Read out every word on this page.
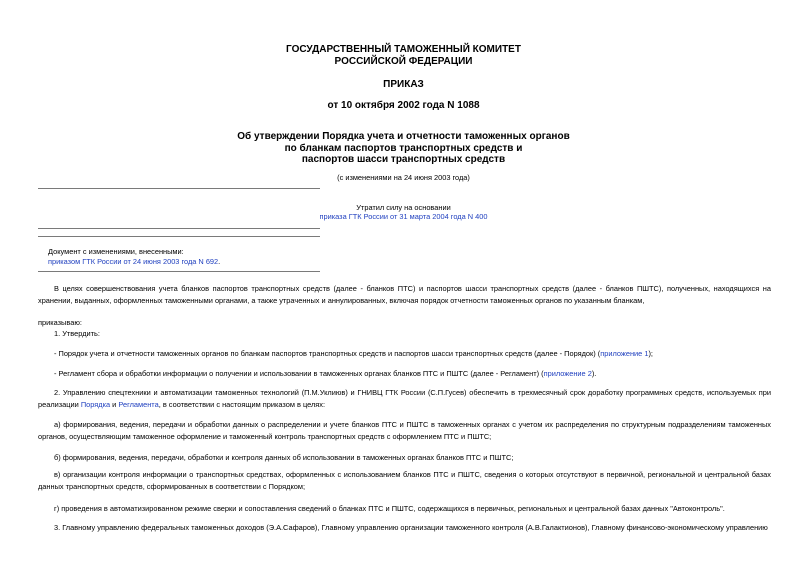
ГОСУДАРСТВЕННЫЙ ТАМОЖЕННЫЙ КОМИТЕТ
РОССИЙСКОЙ ФЕДЕРАЦИИ
ПРИКАЗ
от 10 октября 2002 года N 1088
Об утверждении Порядка учета и отчетности таможенных органов
по бланкам паспортов транспортных средств и
паспортов шасси транспортных средств
(с изменениями на 24 июня 2003 года)
Утратил силу на основании
приказа ГТК России от 31 марта 2004 года N 400
Документ с изменениями, внесенными:
приказом ГТК России от 24 июня 2003 года N 692.
В целях совершенствования учета бланков паспортов транспортных средств (далее - бланков ПТС) и паспортов шасси транспортных средств (далее - бланков ПШТС), полученных, находящихся на хранении, выданных, оформленных таможенными органами, а также утраченных и аннулированных, включая порядок отчетности таможенных органов по указанным бланкам,
приказываю:
1. Утвердить:
- Порядок учета и отчетности таможенных органов по бланкам паспортов транспортных средств и паспортов шасси транспортных средств (далее - Порядок) (приложение 1);
- Регламент сбора и обработки информации о получении и использовании в таможенных органах бланков ПТС и ПШТС (далее - Регламент) (приложение 2).
2. Управлению спецтехники и автоматизации таможенных технологий (П.М.Уклиюв) и ГНИВЦ ГТК России (С.П.Гусев) обеспечить в трехмесячный срок доработку программных средств, используемых при реализации Порядка и Регламента, в соответствии с настоящим приказом в целях:
а) формирования, ведения, передачи и обработки данных о распределении и учете бланков ПТС и ПШТС в таможенных органах с учетом их распределения по структурным подразделениям таможенных органов, осуществляющим таможенное оформление и таможенный контроль транспортных средств с оформлением ПТС и ПШТС;
б) формирования, ведения, передачи, обработки и контроля данных об использовании в таможенных органах бланков ПТС и ПШТС;
в) организации контроля информации о транспортных средствах, оформленных с использованием бланков ПТС и ПШТС, сведения о которых отсутствуют в первичной, региональной и центральной базах данных транспортных средств, сформированных в соответствии с Порядком;
г) проведения в автоматизированном режиме сверки и сопоставления сведений о бланках ПТС и ПШТС, содержащихся в первичных, региональных и центральной базах данных "Автоконтроль".
3. Главному управлению федеральных таможенных доходов (Э.А.Сафаров), Главному управлению организации таможенного контроля (А.В.Галактионов), Главному финансово-экономическому управлению
